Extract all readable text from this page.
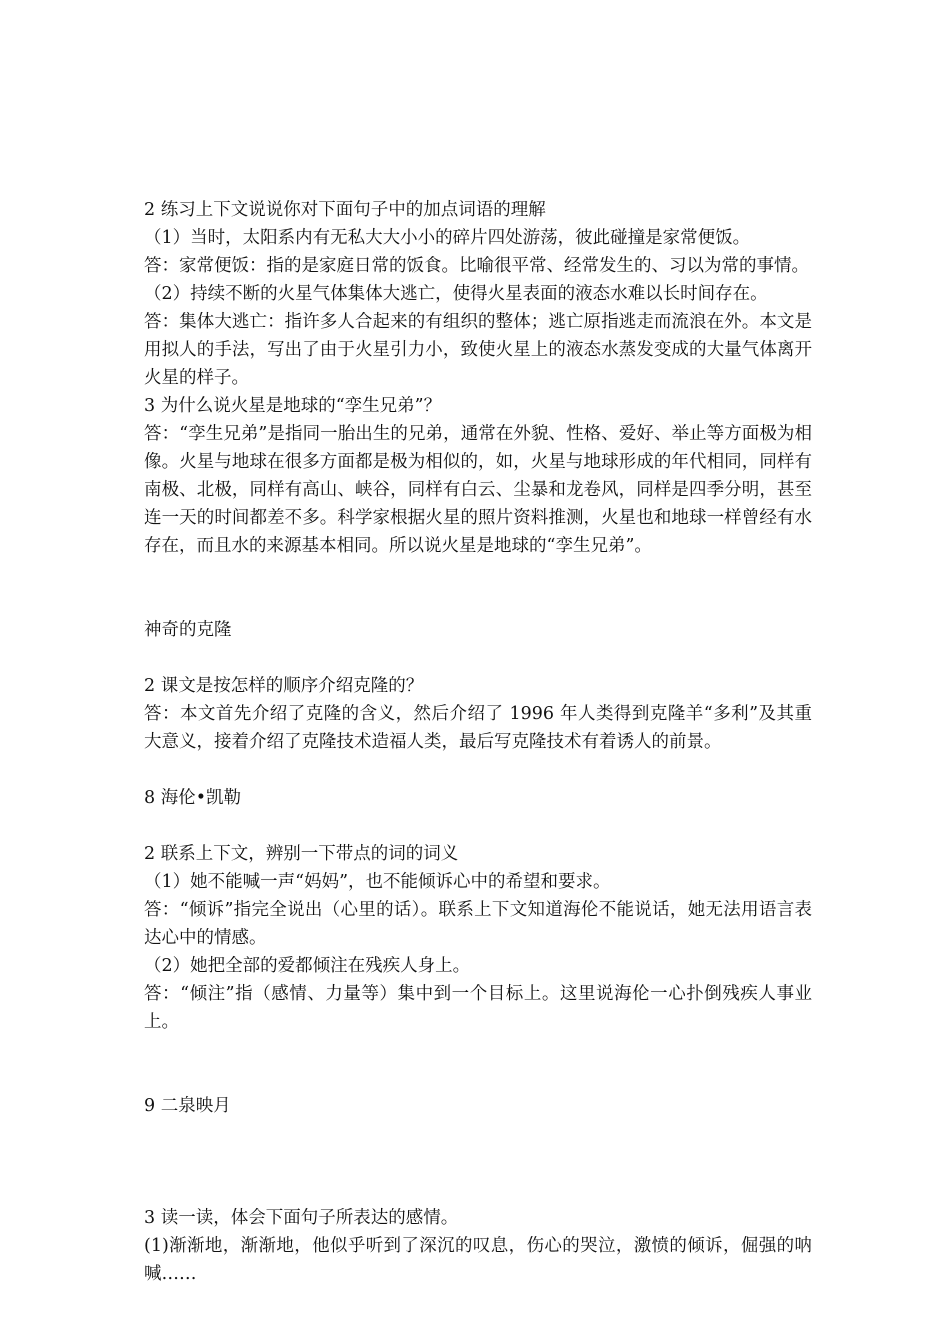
2 练习上下文说说你对下面句子中的加点词语的理解

（1）当时，太阳系内有无私大大小小的碎片四处游荡，彼此碰撞是家常便饭。

答：家常便饭：指的是家庭日常的饭食。比喻很平常、经常发生的、习以为常的事情。

（2）持续不断的火星气体集体大逃亡，使得火星表面的液态水难以长时间存在。

答：集体大逃亡：指许多人合起来的有组织的整体；逃亡原指逃走而流浪在外。本文是用拟人的手法，写出了由于火星引力小，致使火星上的液态水蒸发变成的大量气体离开火星的样子。

3 为什么说火星是地球的“孪生兄弟”？

答：“孪生兄弟”是指同一胎出生的兄弟，通常在外貌、性格、爱好、举止等方面极为相像。火星与地球在很多方面都是极为相似的，如，火星与地球形成的年代相同，同样有南极、北极，同样有高山、峡谷，同样有白云、尘暴和龙卷风，同样是四季分明，甚至连一天的时间都差不多。科学家根据火星的照片资料推测，火星也和地球一样曾经有水存在，而且水的来源基本相同。所以说火星是地球的“孪生兄弟”。

神奇的克隆

2 课文是按怎样的顺序介绍克隆的？

答：本文首先介绍了克隆的含义，然后介绍了 1996 年人类得到克隆羊“多利”及其重大意义，接着介绍了克隆技术造福人类，最后写克隆技术有着诱人的前景。

8 海伦•凯勒

2 联系上下文，辨别一下带点的词的词义

（1）她不能喊一声“妈妈”，也不能倾诉心中的希望和要求。

答：“倾诉”指完全说出（心里的话）。联系上下文知道海伦不能说话，她无法用语言表达心中的情感。

（2）她把全部的爱都倾注在残疾人身上。

答：“倾注”指（感情、力量等）集中到一个目标上。这里说海伦一心扑倒残疾人事业上。

9 二泉映月

3 读一读，体会下面句子所表达的感情。

(1)渐渐地，渐渐地，他似乎听到了深沉的叹息，伤心的哭泣，激愤的倾诉，倔强的呐喊……
